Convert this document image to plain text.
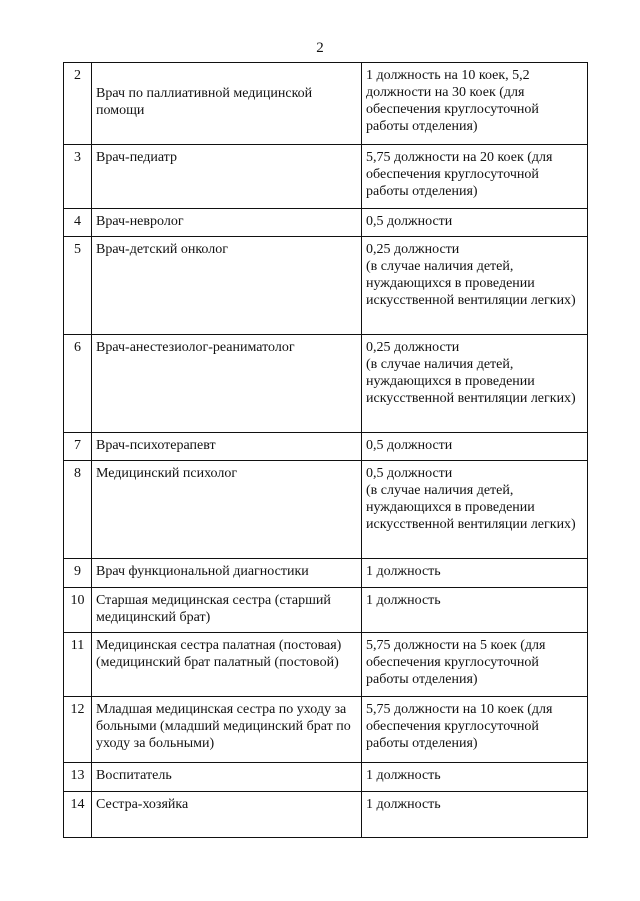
2
2	Врач по паллиативной медицинской помощи	1 должность на 10 коек, 5,2 должности на 30 коек (для обеспечения круглосуточной работы отделения)
3	Врач-педиатр	5,75 должности на 20 коек (для обеспечения круглосуточной работы отделения)
4	Врач-невролог	0,5 должности
5	Врач-детский онколог	0,25 должности
(в случае наличия детей, нуждающихся в проведении искусственной вентиляции легких)
6	Врач-анестезиолог-реаниматолог	0,25 должности
(в случае наличия детей, нуждающихся в проведении искусственной вентиляции легких)
7	Врач-психотерапевт	0,5 должности
8	Медицинский психолог	0,5 должности
(в случае наличия детей, нуждающихся в проведении искусственной вентиляции легких)
9	Врач функциональной диагностики	1 должность
10	Старшая медицинская сестра (старший медицинский брат)	1 должность
11	Медицинская сестра палатная (постовая) (медицинский брат палатный (постовой)	5,75 должности на 5 коек (для обеспечения круглосуточной работы отделения)
12	Младшая медицинская сестра по уходу за больными (младший медицинский брат по уходу за больными)	5,75 должности на 10 коек (для обеспечения круглосуточной работы отделения)
13	Воспитатель	1 должность
14	Сестра-хозяйка	1 должность
